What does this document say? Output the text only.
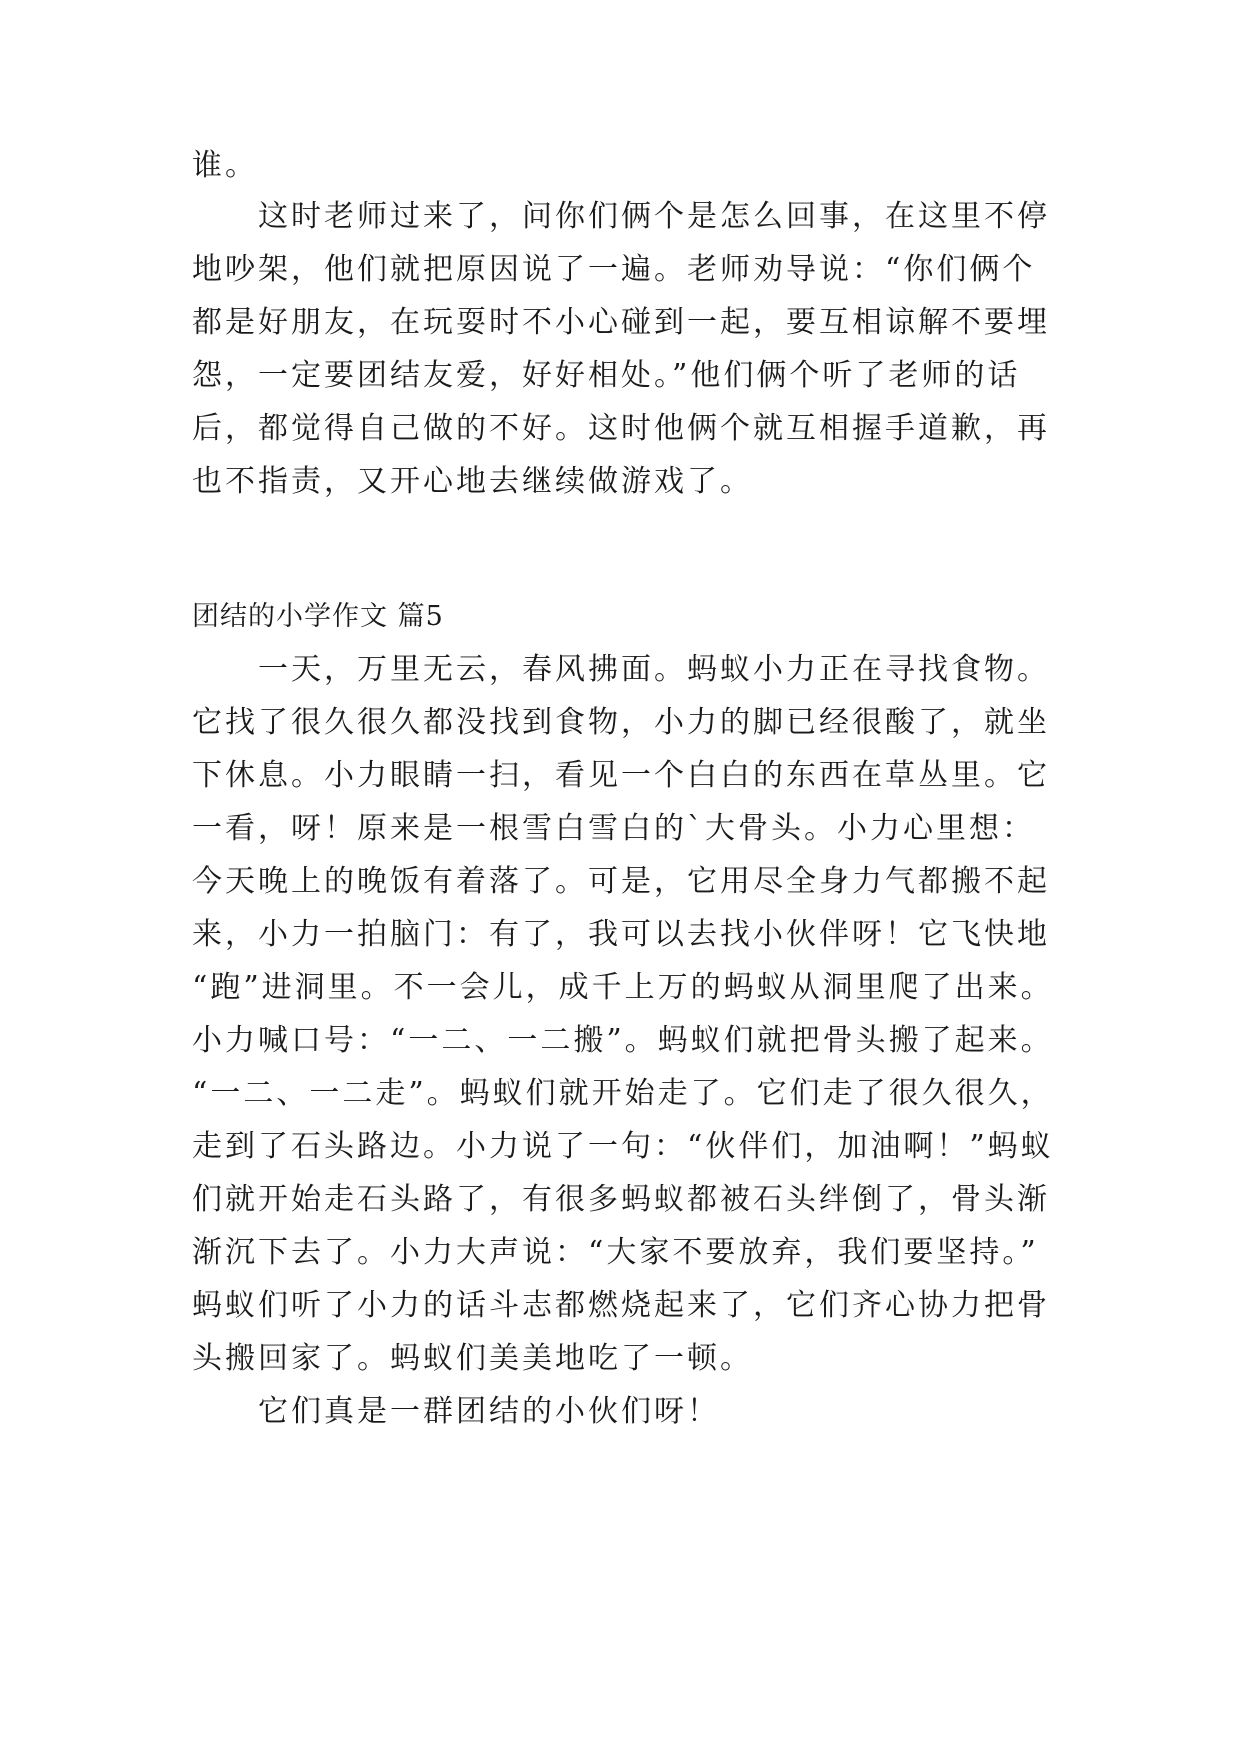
谁。
这时老师过来了，问你们俩个是怎么回事，在这里不停
地吵架，他们就把原因说了一遍。老师劝导说：“你们俩个
都是好朋友，在玩耍时不小心碰到一起，要互相谅解不要埋
怨，一定要团结友爱，好好相处。”他们俩个听了老师的话
后，都觉得自己做的不好。这时他俩个就互相握手道歉，再
也不指责，又开心地去继续做游戏了。
团结的小学作文 篇5
一天，万里无云，春风拂面。蚂蚁小力正在寻找食物。
它找了很久很久都没找到食物，小力的脚已经很酸了，就坐
下休息。小力眼睛一扫，看见一个白白的东西在草丛里。它
一看，呀！原来是一根雪白雪白的`大骨头。小力心里想：
今天晚上的晚饭有着落了。可是，它用尽全身力气都搬不起
来，小力一拍脑门：有了，我可以去找小伙伴呀！它飞快地
“跑”进洞里。不一会儿，成千上万的蚂蚁从洞里爬了出来。
小力喊口号：“一二、一二搬”。蚂蚁们就把骨头搬了起来。
“一二、一二走”。蚂蚁们就开始走了。它们走了很久很久，
走到了石头路边。小力说了一句：“伙伴们，加油啊！”蚂蚁
们就开始走石头路了，有很多蚂蚁都被石头绊倒了，骨头渐
渐沉下去了。小力大声说：“大家不要放弃，我们要坚持。”
蚂蚁们听了小力的话斗志都燃烧起来了，它们齐心协力把骨
头搬回家了。蚂蚁们美美地吃了一顿。
它们真是一群团结的小伙们呀！
